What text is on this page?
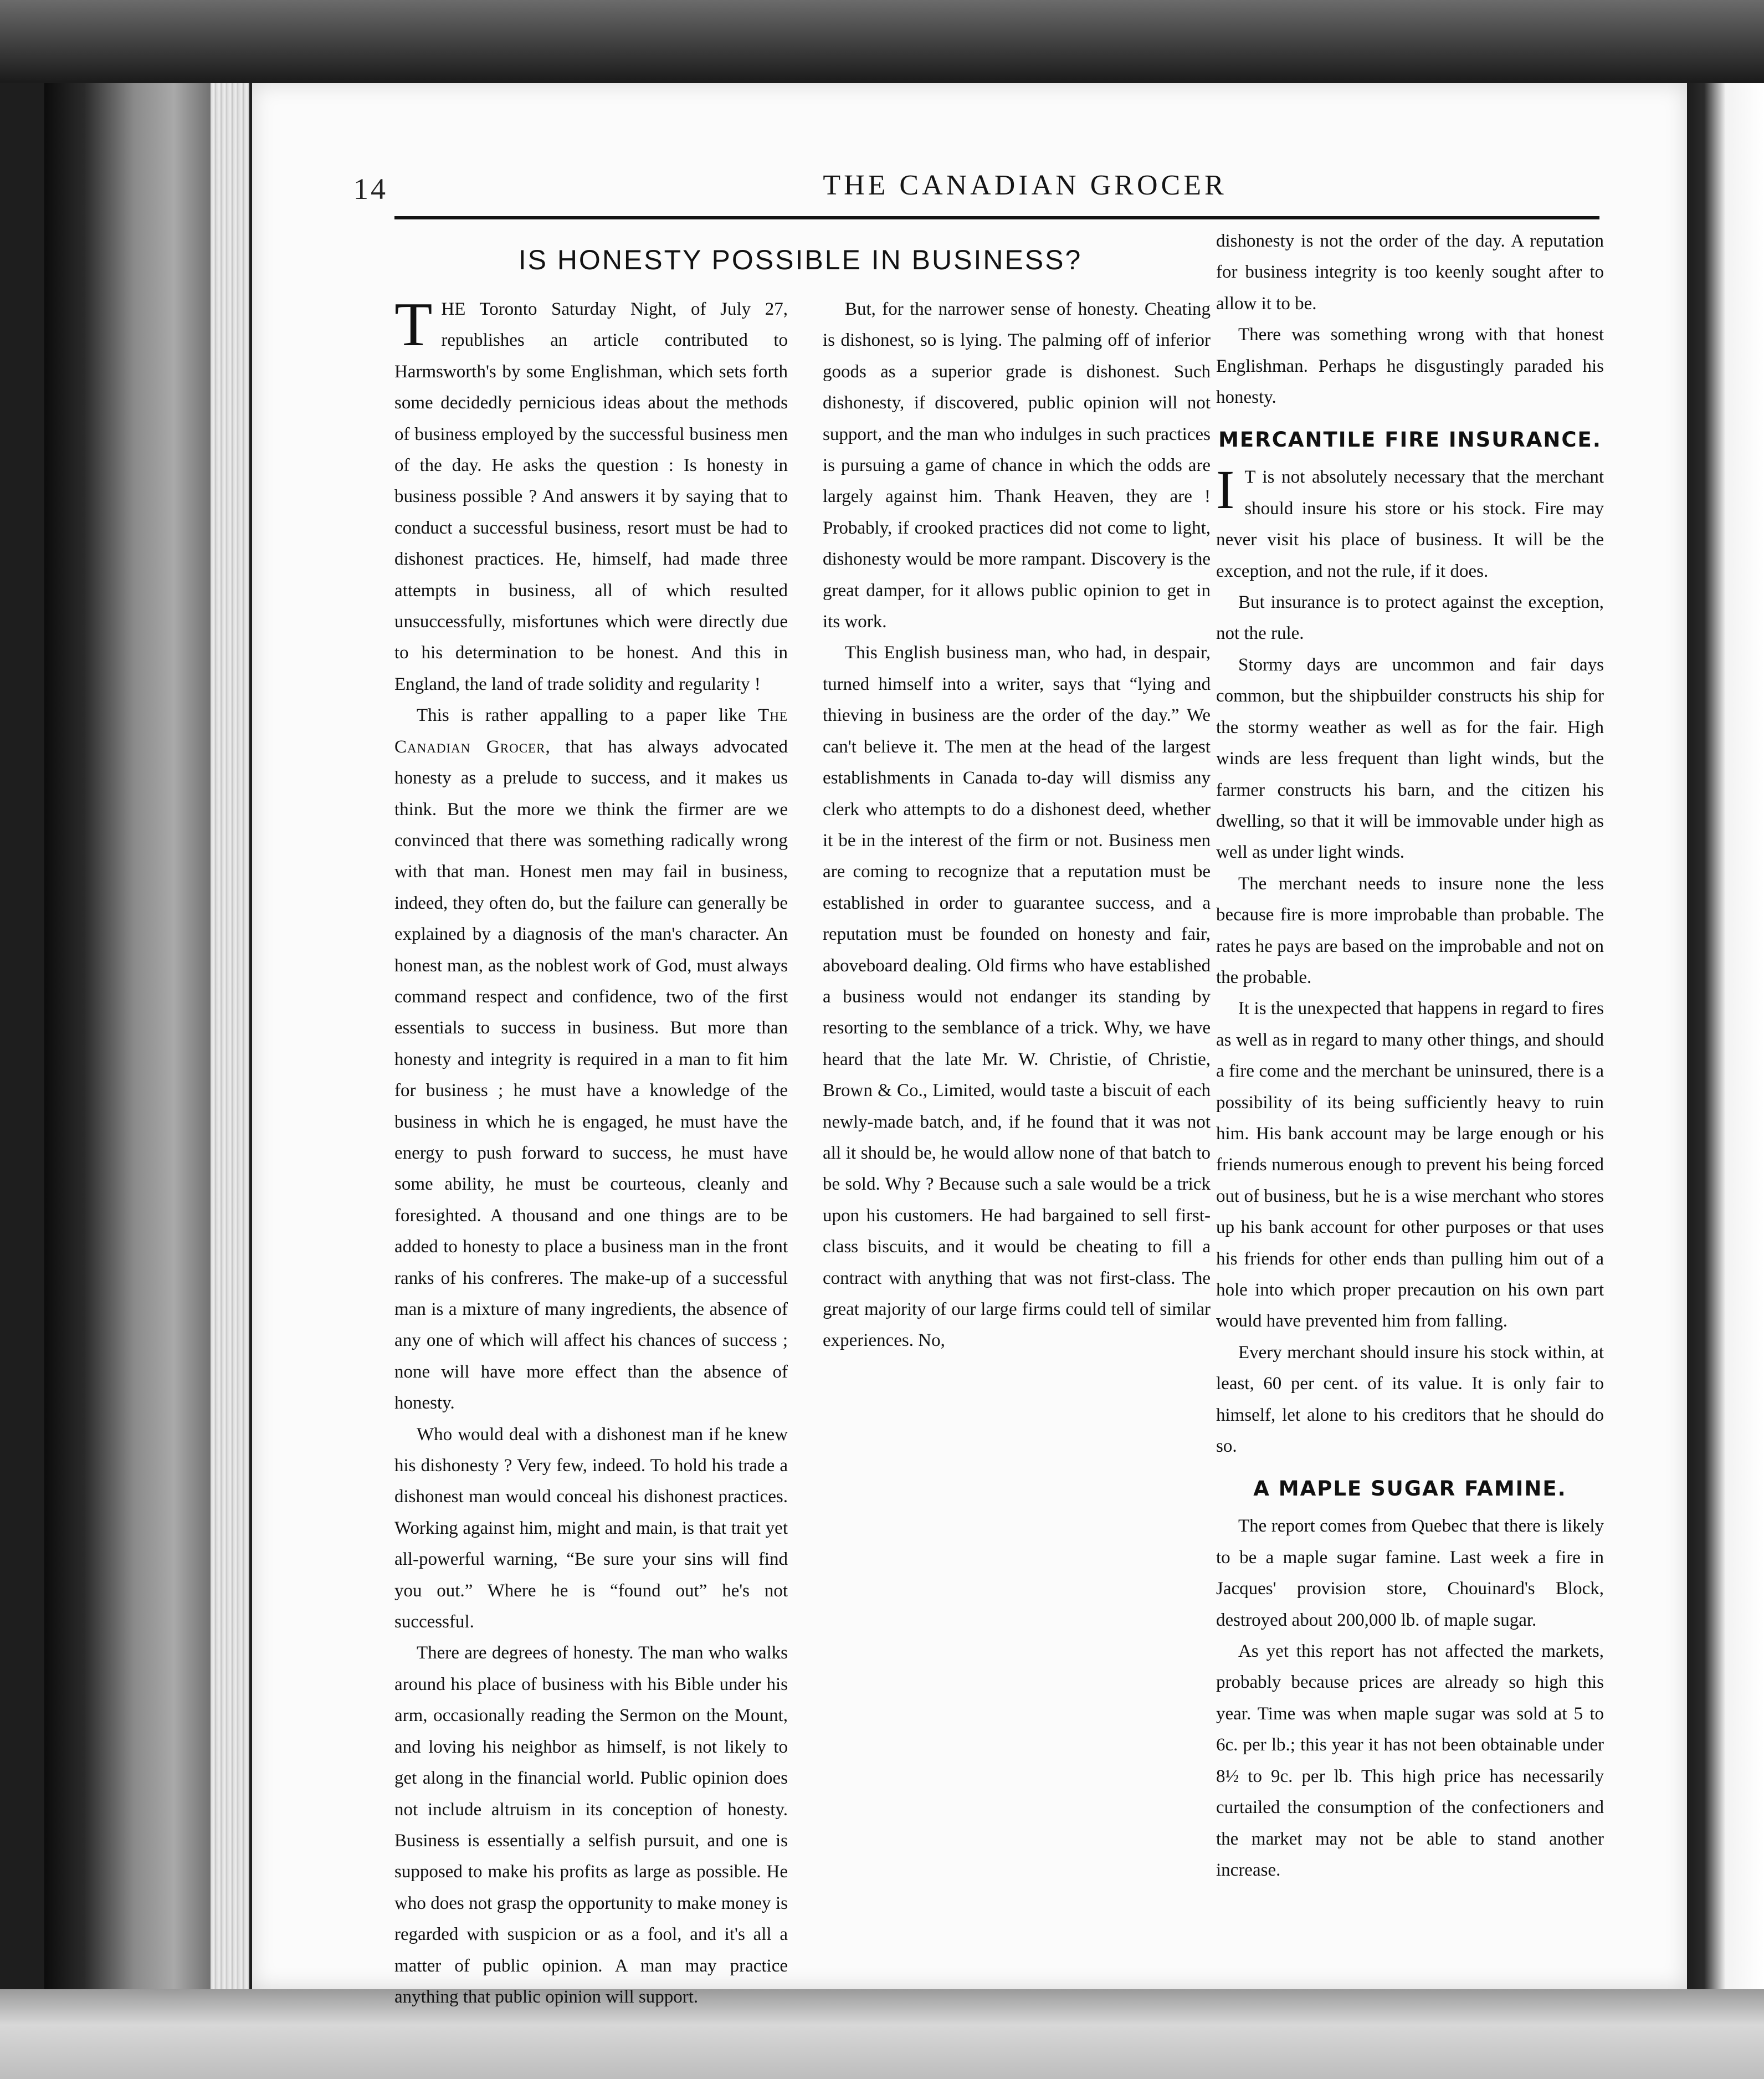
14	THE CANADIAN GROCER
IS HONESTY POSSIBLE IN BUSINESS?

THE Toronto Saturday Night, of July 27, republishes an article contributed to Harmsworth's by some Englishman, which sets forth some decidedly pernicious ideas about the methods of business employed by the successful business men of the day. He asks the question : Is honesty in business possible ? And answers it by saying that to conduct a successful business, resort must be had to dishonest practices. He, himself, had made three attempts in business, all of which resulted unsuccessfully, misfortunes which were directly due to his determination to be honest. And this in England, the land of trade solidity and regularity !

This is rather appalling to a paper like The Canadian Grocer, that has always advocated honesty as a prelude to success, and it makes us think. But the more we think the firmer are we convinced that there was something radically wrong with that man. Honest men may fail in business, indeed, they often do, but the failure can generally be explained by a diagnosis of the man's character. An honest man, as the noblest work of God, must always command respect and confidence, two of the first essentials to success in business. But more than honesty and integrity is required in a man to fit him for business ; he must have a knowledge of the business in which he is engaged, he must have the energy to push forward to success, he must have some ability, he must be courteous, cleanly and foresighted. A thousand and one things are to be added to honesty to place a business man in the front ranks of his confreres. The make-up of a successful man is a mixture of many ingredients, the absence of any one of which will affect his chances of success ; none will have more effect than the absence of honesty.

Who would deal with a dishonest man if he knew his dishonesty ? Very few, indeed. To hold his trade a dishonest man would conceal his dishonest practices. Working against him, might and main, is that trait yet all-powerful warning, “Be sure your sins will find you out.” Where he is “found out” he's not successful.

There are degrees of honesty. The man who walks around his place of business with his Bible under his arm, occasionally reading the Sermon on the Mount, and loving his neighbor as himself, is not likely to get along in the financial world. Public opinion does not include altruism in its conception of honesty. Business is essentially a selfish pursuit, and one is supposed to make his profits as large as possible. He who does not grasp the opportunity to make money is regarded with suspicion or as a fool, and it's all a matter of public opinion. A man may practice anything that public opinion will support.

But, for the narrower sense of honesty. Cheating is dishonest, so is lying. The palming off of inferior goods as a superior grade is dishonest. Such dishonesty, if discovered, public opinion will not support, and the man who indulges in such practices is pursuing a game of chance in which the odds are largely against him. Thank Heaven, they are ! Probably, if crooked practices did not come to light, dishonesty would be more rampant. Discovery is the great damper, for it allows public opinion to get in its work.

This English business man, who had, in despair, turned himself into a writer, says that “lying and thieving in business are the order of the day.” We can't believe it. The men at the head of the largest establishments in Canada to-day will dismiss any clerk who attempts to do a dishonest deed, whether it be in the interest of the firm or not. Business men are coming to recognize that a reputation must be established in order to guarantee success, and a reputation must be founded on honesty and fair, aboveboard dealing. Old firms who have established a business would not endanger its standing by resorting to the semblance of a trick. Why, we have heard that the late Mr. W. Christie, of Christie, Brown & Co., Limited, would taste a biscuit of each newly-made batch, and, if he found that it was not all it should be, he would allow none of that batch to be sold. Why ? Because such a sale would be a trick upon his customers. He had bargained to sell first-class biscuits, and it would be cheating to fill a contract with anything that was not first-class. The great majority of our large firms could tell of similar experiences. No,

dishonesty is not the order of the day. A reputation for business integrity is too keenly sought after to allow it to be.

There was something wrong with that honest Englishman. Perhaps he disgustingly paraded his honesty.

MERCANTILE FIRE INSURANCE.

I T is not absolutely necessary that the merchant should insure his store or his stock. Fire may never visit his place of business. It will be the exception, and not the rule, if it does.

But insurance is to protect against the exception, not the rule.

Stormy days are uncommon and fair days common, but the shipbuilder constructs his ship for the stormy weather as well as for the fair. High winds are less frequent than light winds, but the farmer constructs his barn, and the citizen his dwelling, so that it will be immovable under high as well as under light winds.

The merchant needs to insure none the less because fire is more improbable than probable. The rates he pays are based on the improbable and not on the probable.

It is the unexpected that happens in regard to fires as well as in regard to many other things, and should a fire come and the merchant be uninsured, there is a possibility of its being sufficiently heavy to ruin him. His bank account may be large enough or his friends numerous enough to prevent his being forced out of business, but he is a wise merchant who stores up his bank account for other purposes or that uses his friends for other ends than pulling him out of a hole into which proper precaution on his own part would have prevented him from falling.

Every merchant should insure his stock within, at least, 60 per cent. of its value. It is only fair to himself, let alone to his creditors that he should do so.

A MAPLE SUGAR FAMINE.

The report comes from Quebec that there is likely to be a maple sugar famine. Last week a fire in Jacques' provision store, Chouinard's Block, destroyed about 200,000 lb. of maple sugar.

As yet this report has not affected the markets, probably because prices are already so high this year. Time was when maple sugar was sold at 5 to 6c. per lb.; this year it has not been obtainable under 8½ to 9c. per lb. This high price has necessarily curtailed the consumption of the confectioners and the market may not be able to stand another increase.
